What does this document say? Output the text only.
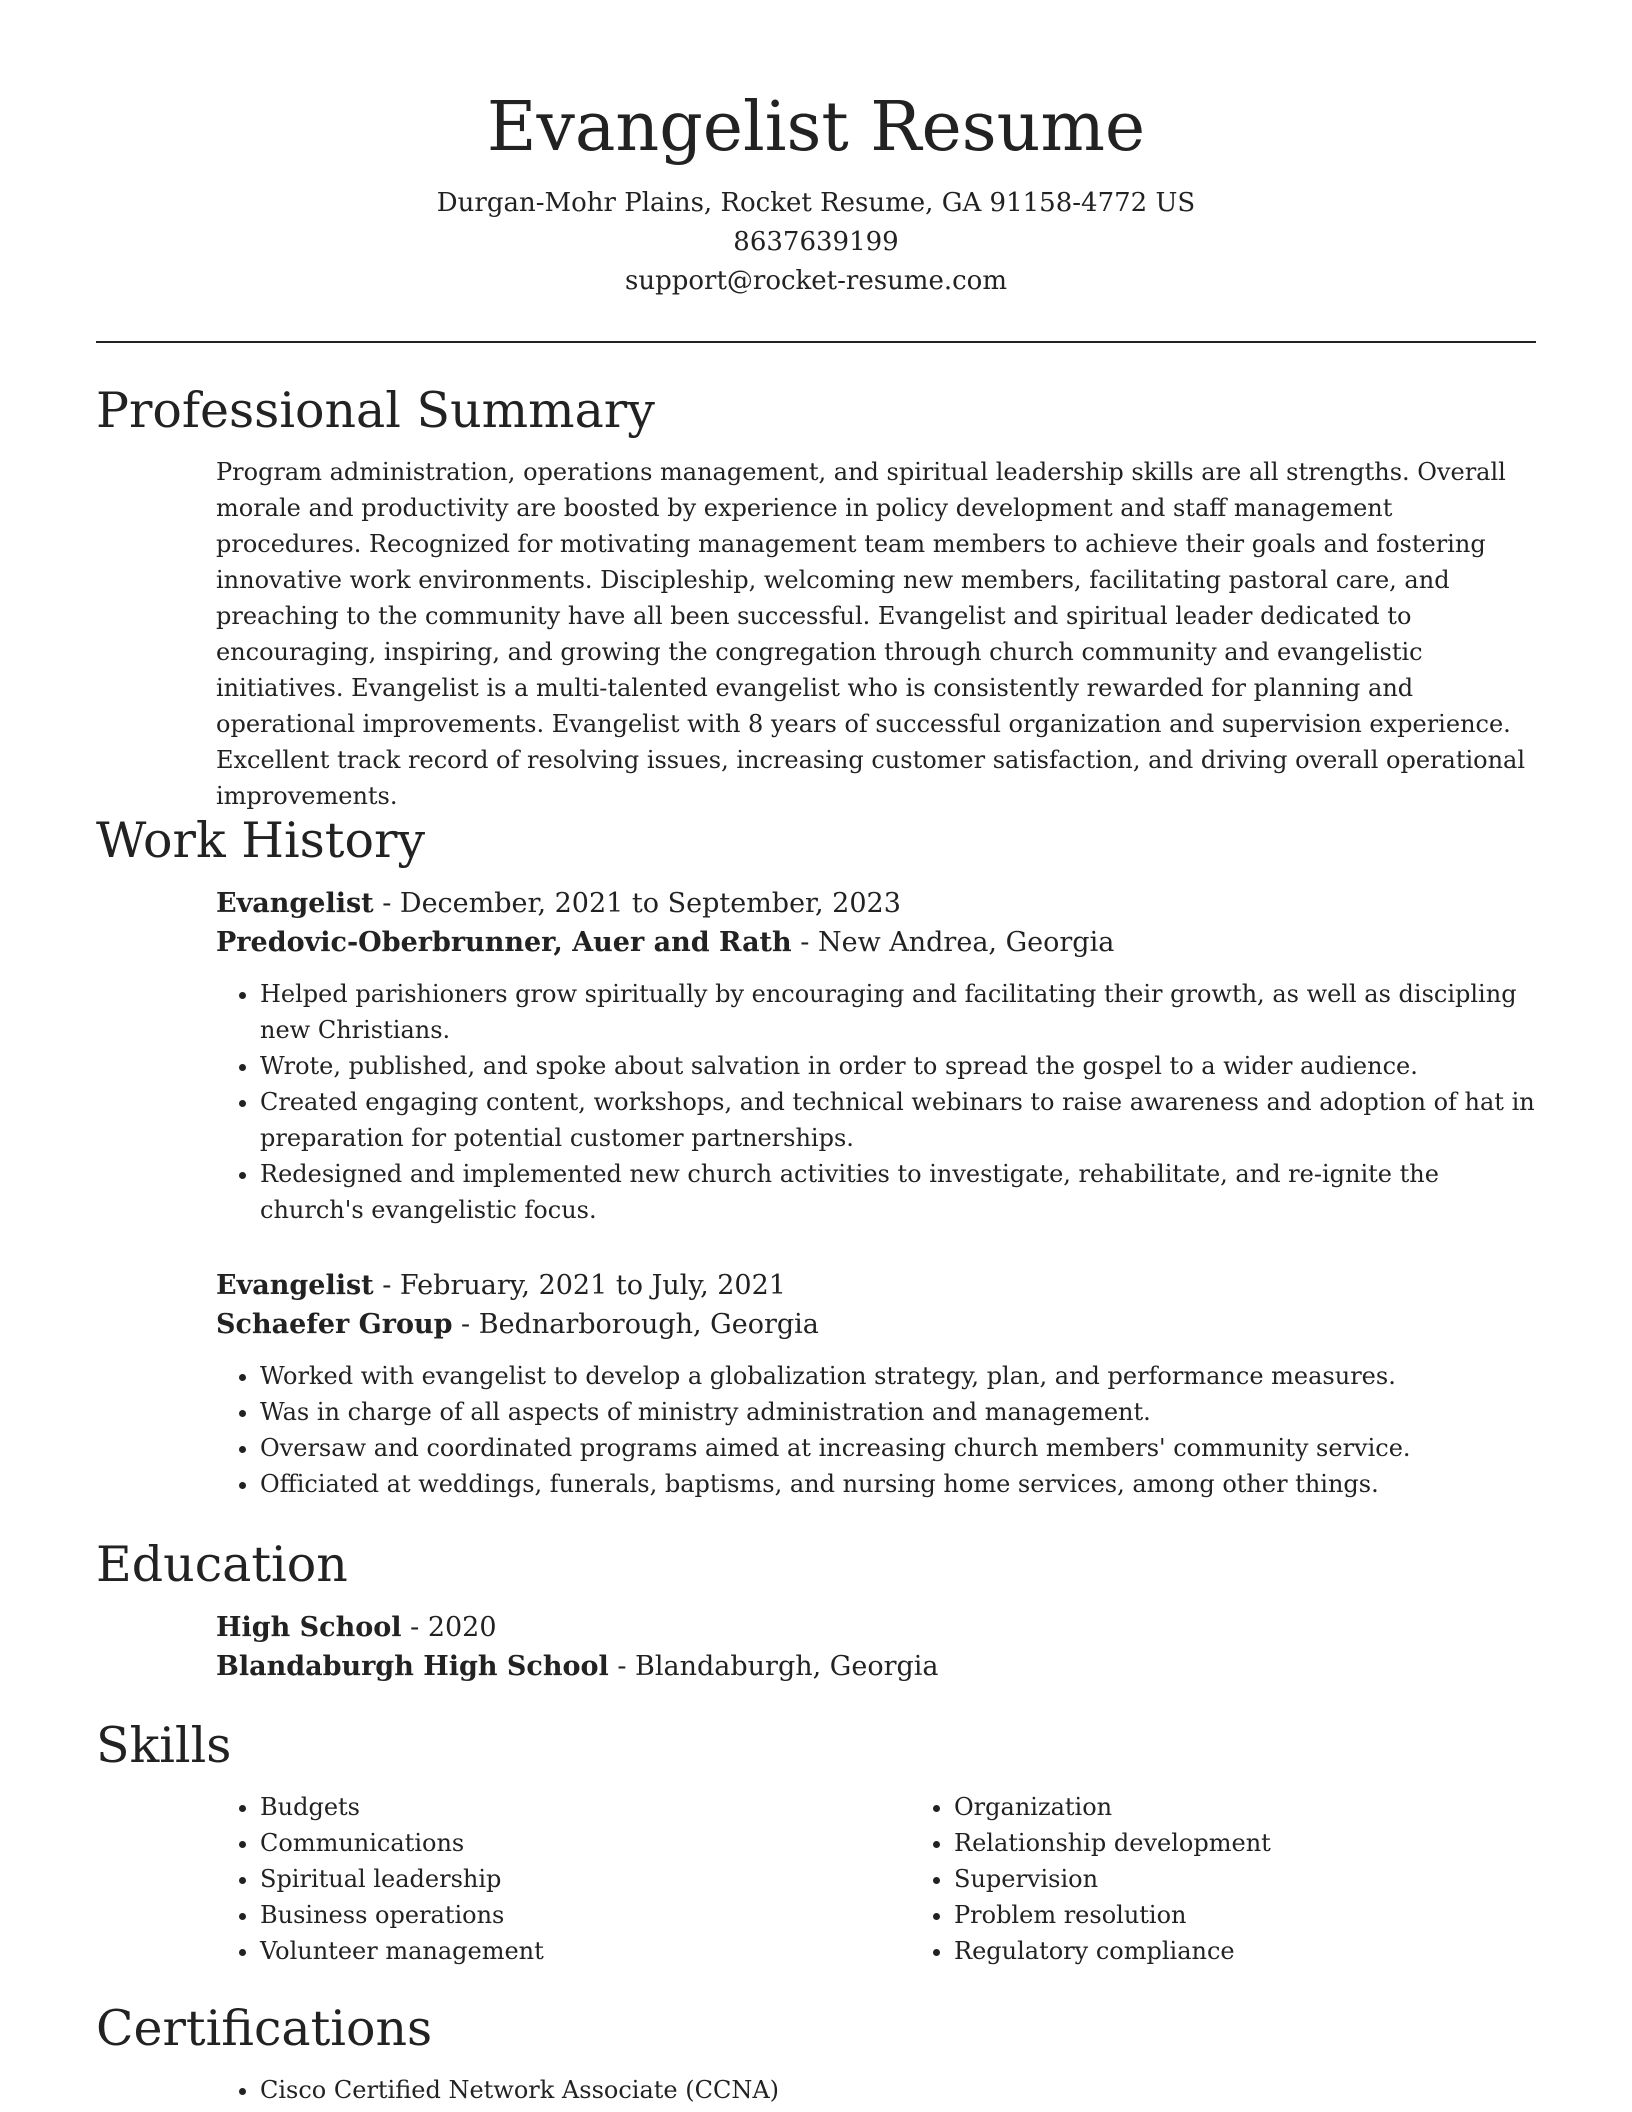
Evangelist Resume
Durgan-Mohr Plains, Rocket Resume, GA 91158-4772 US
8637639199
support@rocket-resume.com
Professional Summary

Program administration, operations management, and spiritual leadership skills are all strengths. Overall morale and productivity are boosted by experience in policy development and staff management procedures. Recognized for motivating management team members to achieve their goals and fostering innovative work environments. Discipleship, welcoming new members, facilitating pastoral care, and preaching to the community have all been successful. Evangelist and spiritual leader dedicated to encouraging, inspiring, and growing the congregation through church community and evangelistic initiatives. Evangelist is a multi-talented evangelist who is consistently rewarded for planning and operational improvements. Evangelist with 8 years of successful organization and supervision experience. Excellent track record of resolving issues, increasing customer satisfaction, and driving overall operational improvements.

Work History
Evangelist - December, 2021 to September, 2023
Predovic-Oberbrunner, Auer and Rath - New Andrea, Georgia
• Helped parishioners grow spiritually by encouraging and facilitating their growth, as well as discipling new Christians.
• Wrote, published, and spoke about salvation in order to spread the gospel to a wider audience.
• Created engaging content, workshops, and technical webinars to raise awareness and adoption of hat in preparation for potential customer partnerships.
• Redesigned and implemented new church activities to investigate, rehabilitate, and re-ignite the church's evangelistic focus.
Evangelist - February, 2021 to July, 2021
Schaefer Group - Bednarborough, Georgia
• Worked with evangelist to develop a globalization strategy, plan, and performance measures.
• Was in charge of all aspects of ministry administration and management.
• Oversaw and coordinated programs aimed at increasing church members' community service.
• Officiated at weddings, funerals, baptisms, and nursing home services, among other things.
Education
High School - 2020
Blandaburgh High School - Blandaburgh, Georgia
Skills
• Budgets
• Communications
• Spiritual leadership
• Business operations
• Volunteer management
• Organization
• Relationship development
• Supervision
• Problem resolution
• Regulatory compliance
Certifications
• Cisco Certified Network Associate (CCNA)
